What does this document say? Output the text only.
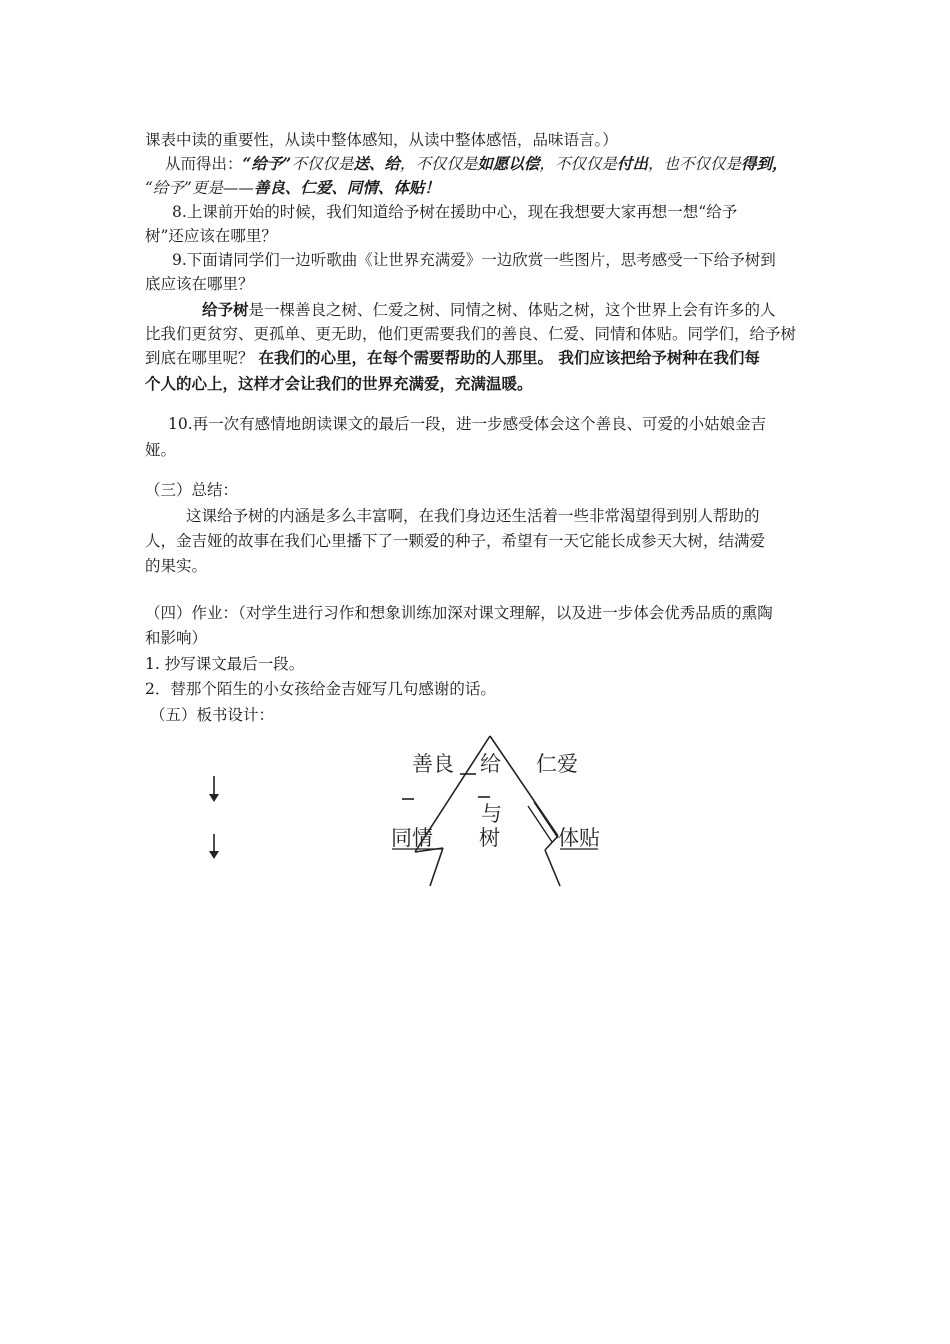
课表中读的重要性，从读中整体感知，从读中整体感悟，品味语言。）
从而得出：“给予”不仅仅是送、给，不仅仅是如愿以偿，不仅仅是付出，也不仅仅是得到，
“给予”更是——善良、仁爱、同情、体贴！
8.上课前开始的时候，我们知道给予树在援助中心，现在我想要大家再想一想“给予
树”还应该在哪里？
9.下面请同学们一边听歌曲《让世界充满爱》一边欣赏一些图片，思考感受一下给予树到
底应该在哪里？
给予树是一棵善良之树、仁爱之树、同情之树、体贴之树，这个世界上会有许多的人
比我们更贫穷、更孤单、更无助，他们更需要我们的善良、仁爱、同情和体贴。同学们，给予树
到底在哪里呢？ 在我们的心里，在每个需要帮助的人那里。 我们应该把给予树种在我们每
个人的心上，这样才会让我们的世界充满爱，充满温暖。
10.再一次有感情地朗读课文的最后一段，进一步感受体会这个善良、可爱的小姑娘金吉
娅。
（三）总结：
这课给予树的内涵是多么丰富啊，在我们身边还生活着一些非常渴望得到别人帮助的
人，金吉娅的故事在我们心里播下了一颗爱的种子，希望有一天它能长成参天大树，结满爱
的果实。
（四）作业：（对学生进行习作和想象训练加深对课文理解，以及进一步体会优秀品质的熏陶
和影响）
1. 抄写课文最后一段。
2．替那个陌生的小女孩给金吉娅写几句感谢的话。
（五）板书设计：
善良 给 仁爱
与
同情 树	体贴
